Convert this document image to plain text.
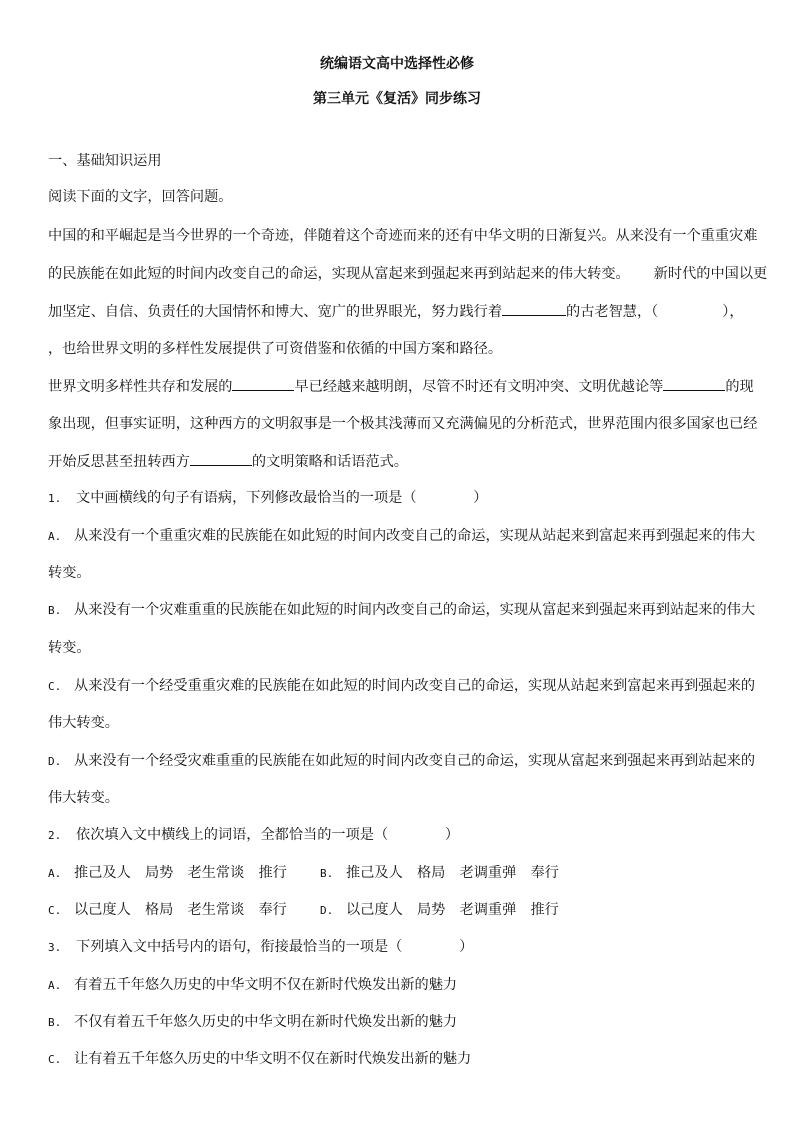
统编语文高中选择性必修
第三单元《复活》同步练习
一、基础知识运用
阅读下面的文字，回答问题。
中国的和平崛起是当今世界的一个奇迹，伴随着这个奇迹而来的还有中华文明的日渐复兴。从来没有一个重重灾难
的民族能在如此短的时间内改变自己的命运，实现从富起来到强起来再到站起来的伟大转变。 新时代的中国以更
加坚定、自信、负责任的大国情怀和博大、宽广的世界眼光，努力践行着	的古老智慧，（	），
，也给世界文明的多样性发展提供了可资借鉴和依循的中国方案和路径。
世界文明多样性共存和发展的	早已经越来越明朗，尽管不时还有文明冲突、文明优越论等	的现
象出现，但事实证明，这种西方的文明叙事是一个极其浅薄而又充满偏见的分析范式，世界范围内很多国家也已经
开始反思甚至扭转西方	的文明策略和话语范式。
1. 文中画横线的句子有语病，下列修改最恰当的一项是（　　　　）
A. 从来没有一个重重灾难的民族能在如此短的时间内改变自己的命运，实现从站起来到富起来再到强起来的伟大
转变。
B. 从来没有一个灾难重重的民族能在如此短的时间内改变自己的命运，实现从富起来到强起来再到站起来的伟大
转变。
C. 从来没有一个经受重重灾难的民族能在如此短的时间内改变自己的命运，实现从站起来到富起来再到强起来的
伟大转变。
D. 从来没有一个经受灾难重重的民族能在如此短的时间内改变自己的命运，实现从富起来到强起来再到站起来的
伟大转变。
2. 依次填入文中横线上的词语，全都恰当的一项是（　　　　）
A. 推己及人　局势　老生常谈　推行	B. 推己及人　格局　老调重弹　奉行
C. 以己度人　格局　老生常谈　奉行	D. 以己度人　局势　老调重弹　推行
3. 下列填入文中括号内的语句，衔接最恰当的一项是（　　　　）
A. 有着五千年悠久历史的中华文明不仅在新时代焕发出新的魅力
B. 不仅有着五千年悠久历史的中华文明在新时代焕发出新的魅力
C. 让有着五千年悠久历史的中华文明不仅在新时代焕发出新的魅力
